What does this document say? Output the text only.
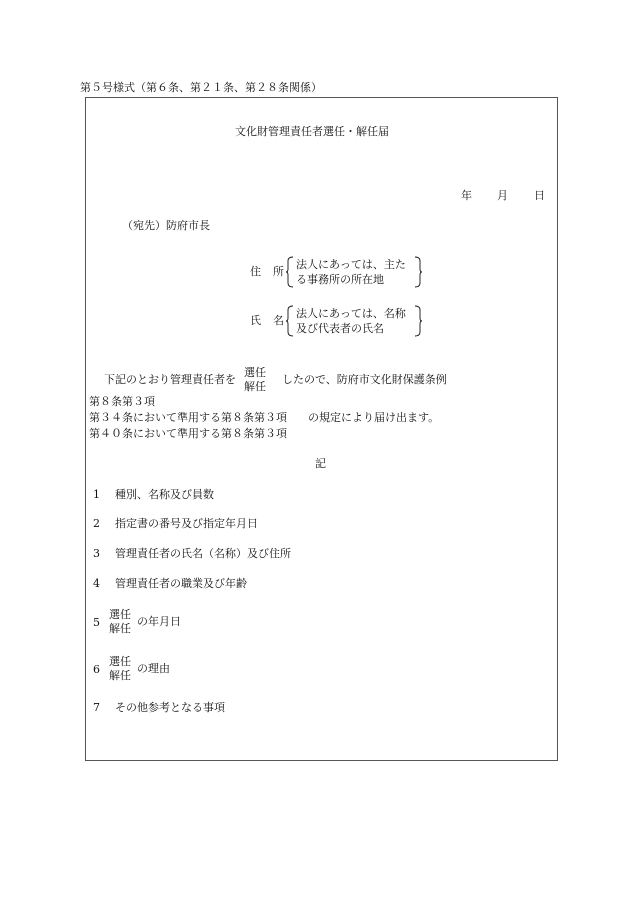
第５号様式（第６条、第２１条、第２８条関係）
文化財管理責任者選任・解任届
年 月 日
（宛先）防府市長
住 所
法人にあっては、主た
る事務所の所在地
氏 名
法人にあっては、名称
及び代表者の氏名
下記のとおり管理責任者を
選任
解任
したので、防府市文化財保護条例
第８条第３項
第３４条において準用する第８条第３項 の規定により届け出ます。
第４０条において準用する第８条第３項
記
1 種別、名称及び員数
2 指定書の番号及び指定年月日
3 管理責任者の氏名（名称）及び住所
4 管理責任者の職業及び年齢
5
選任
解任
の年月日
6
選任
解任
の理由
7 その他参考となる事項
